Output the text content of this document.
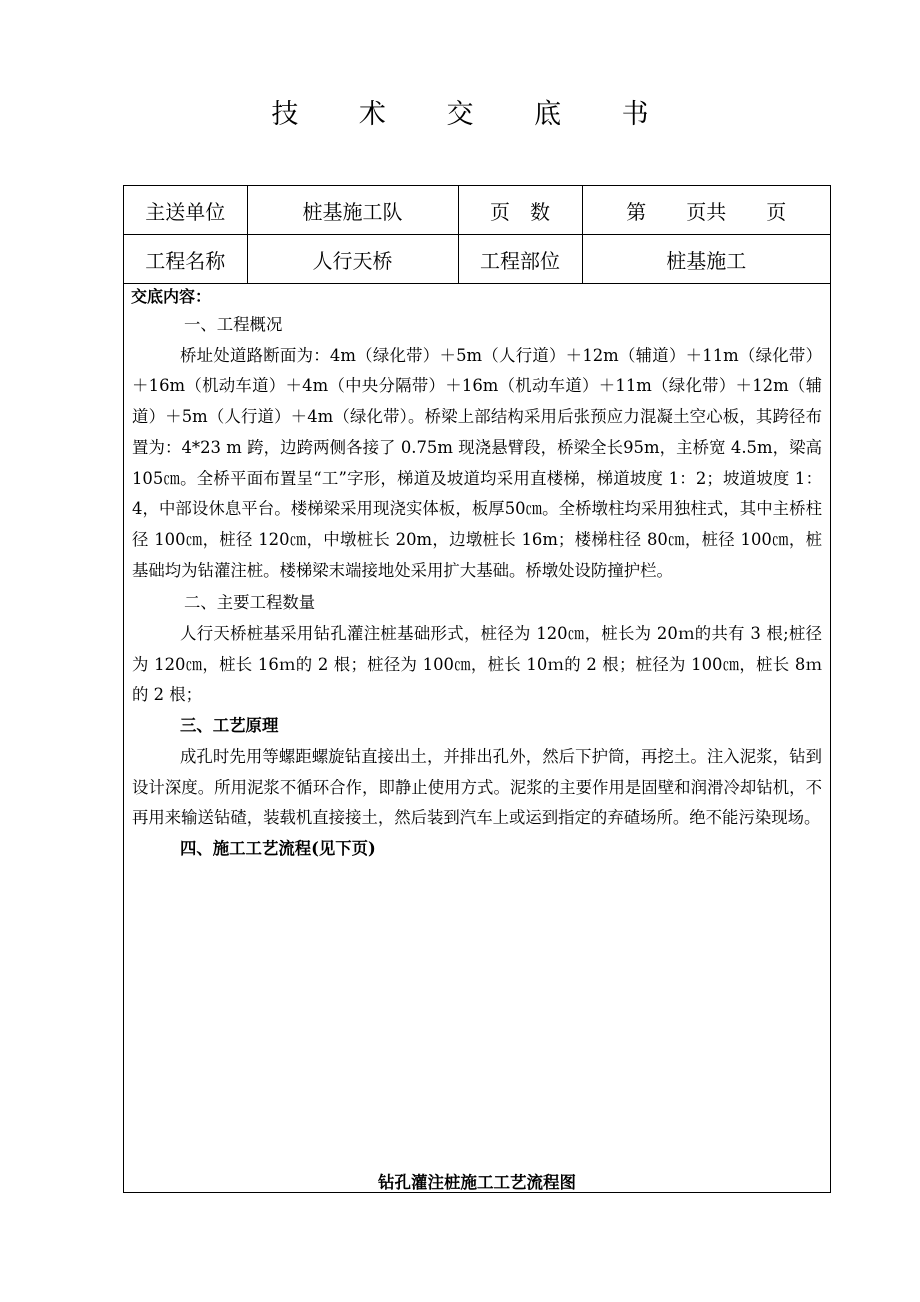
技 术 交 底 书
主送单位	桩基施工队	页　数	第　　页共　　页
工程名称	人行天桥	工程部位	桩基施工

交底内容：

一、工程概况

桥址处道路断面为：4m（绿化带）＋5m（人行道）＋12m（辅道）＋11m（绿化带）＋16m（机动车道）＋4m（中央分隔带）＋16m（机动车道）＋11m（绿化带）＋12m（辅道）＋5m（人行道）＋4m（绿化带）。桥梁上部结构采用后张预应力混凝土空心板，其跨径布置为：4*23 m 跨，边跨两侧各接了 0.75m 现浇悬臂段，桥梁全长95m，主桥宽 4.5m，梁高 105㎝。全桥平面布置呈“工”字形，梯道及坡道均采用直楼梯，梯道坡度 1：2；坡道坡度 1：4，中部设休息平台。楼梯梁采用现浇实体板，板厚50㎝。全桥墩柱均采用独柱式，其中主桥柱径 100㎝，桩径 120㎝，中墩桩长 20m，边墩桩长 16m；楼梯柱径 80㎝，桩径 100㎝，桩基础均为钻灌注桩。楼梯梁末端接地处采用扩大基础。桥墩处设防撞护栏。

二、主要工程数量

人行天桥桩基采用钻孔灌注桩基础形式，桩径为 120㎝，桩长为 20ｍ的共有 3 根;桩径为 120㎝，桩长 16ｍ的 2 根；桩径为 100㎝，桩长 10ｍ的 2 根；桩径为 100㎝，桩长 8ｍ的 2 根；

三、工艺原理

成孔时先用等螺距螺旋钻直接出土，并排出孔外，然后下护筒，再挖土。注入泥浆，钻到设计深度。所用泥浆不循环合作，即静止使用方式。泥浆的主要作用是固壁和润滑冷却钻机，不再用来输送钻碴，装载机直接接土，然后装到汽车上或运到指定的弃碴场所。绝不能污染现场。

四、施工工艺流程(见下页)

钻孔灌注桩施工工艺流程图
